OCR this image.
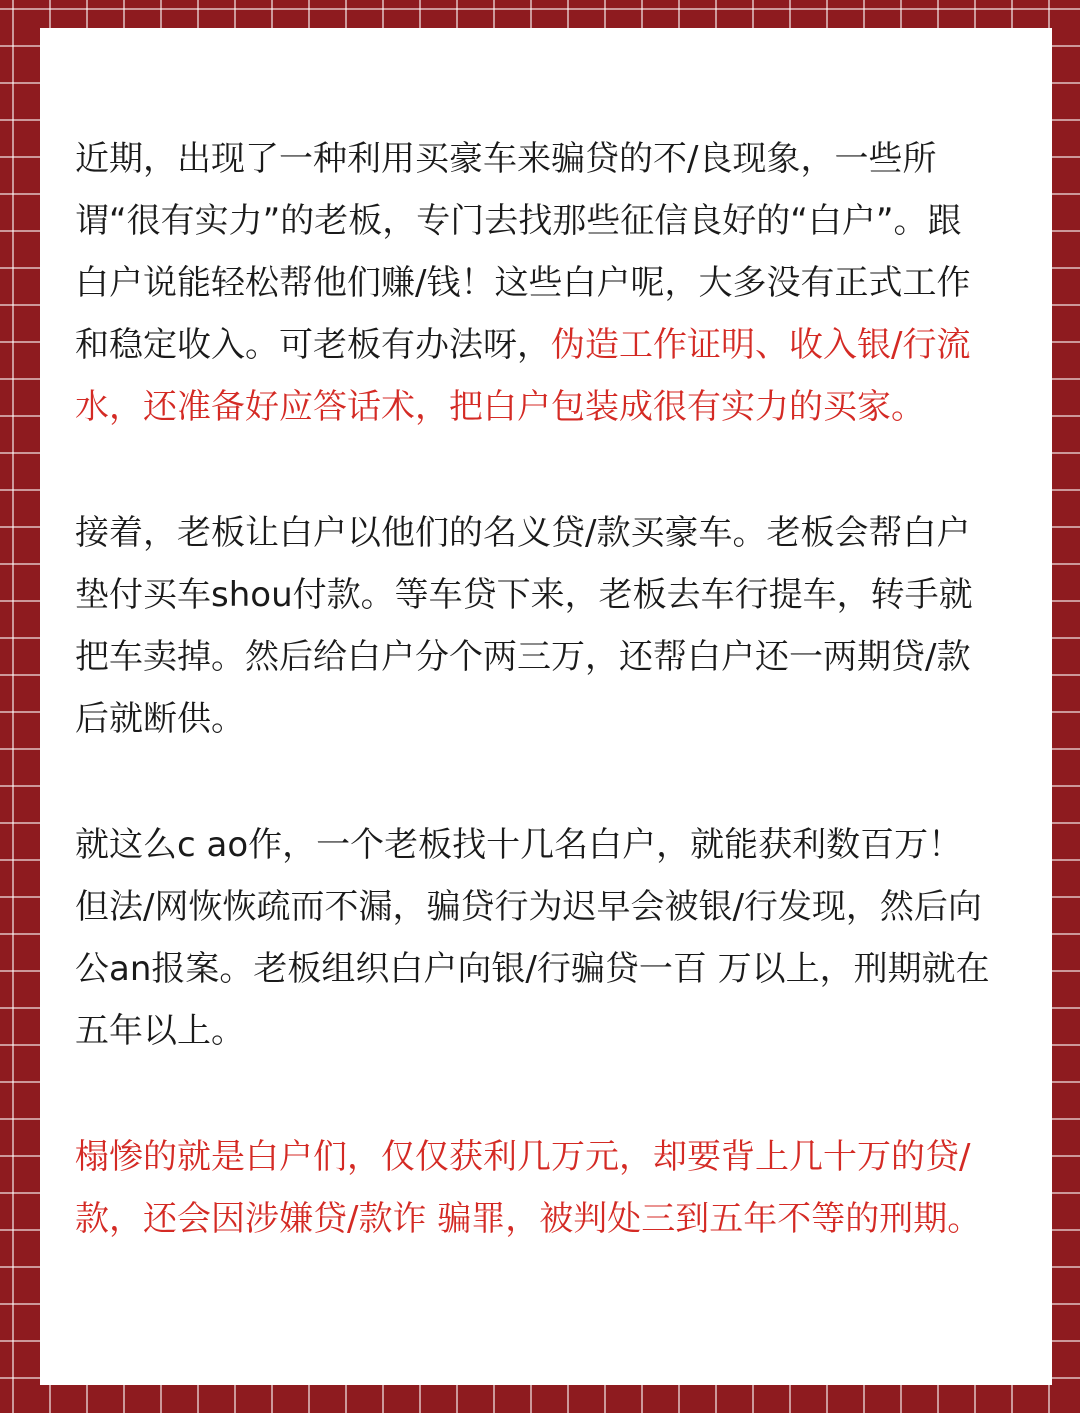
近期，出现了一种利用买豪车来骗贷的不/良现象，一些所谓“很有实力”的老板，专门去找那些征信良好的“白户”。跟白户说能轻松帮他们赚/钱！这些白户呢，大多没有正式工作和稳定收入。可老板有办法呀，伪造工作证明、收入银/行流水，还准备好应答话术，把白户包装成很有实力的买家。

接着，老板让白户以他们的名义贷/款买豪车。老板会帮白户垫付买车shou付款。等车贷下来，老板去车行提车，转手就把车卖掉。然后给白户分个两三万，还帮白户还一两期贷/款后就断供。

就这么c ao作，一个老板找十几名白户，就能获利数百万！但法/网恢恢疏而不漏，骗贷行为迟早会被银/行发现，然后向公an报案。老板组织白户向银/行骗贷一百 万以上，刑期就在五年以上。

榻惨的就是白户们，仅仅获利几万元，却要背上几十万的贷/款，还会因涉嫌贷/款诈 骗罪，被判处三到五年不等的刑期。
